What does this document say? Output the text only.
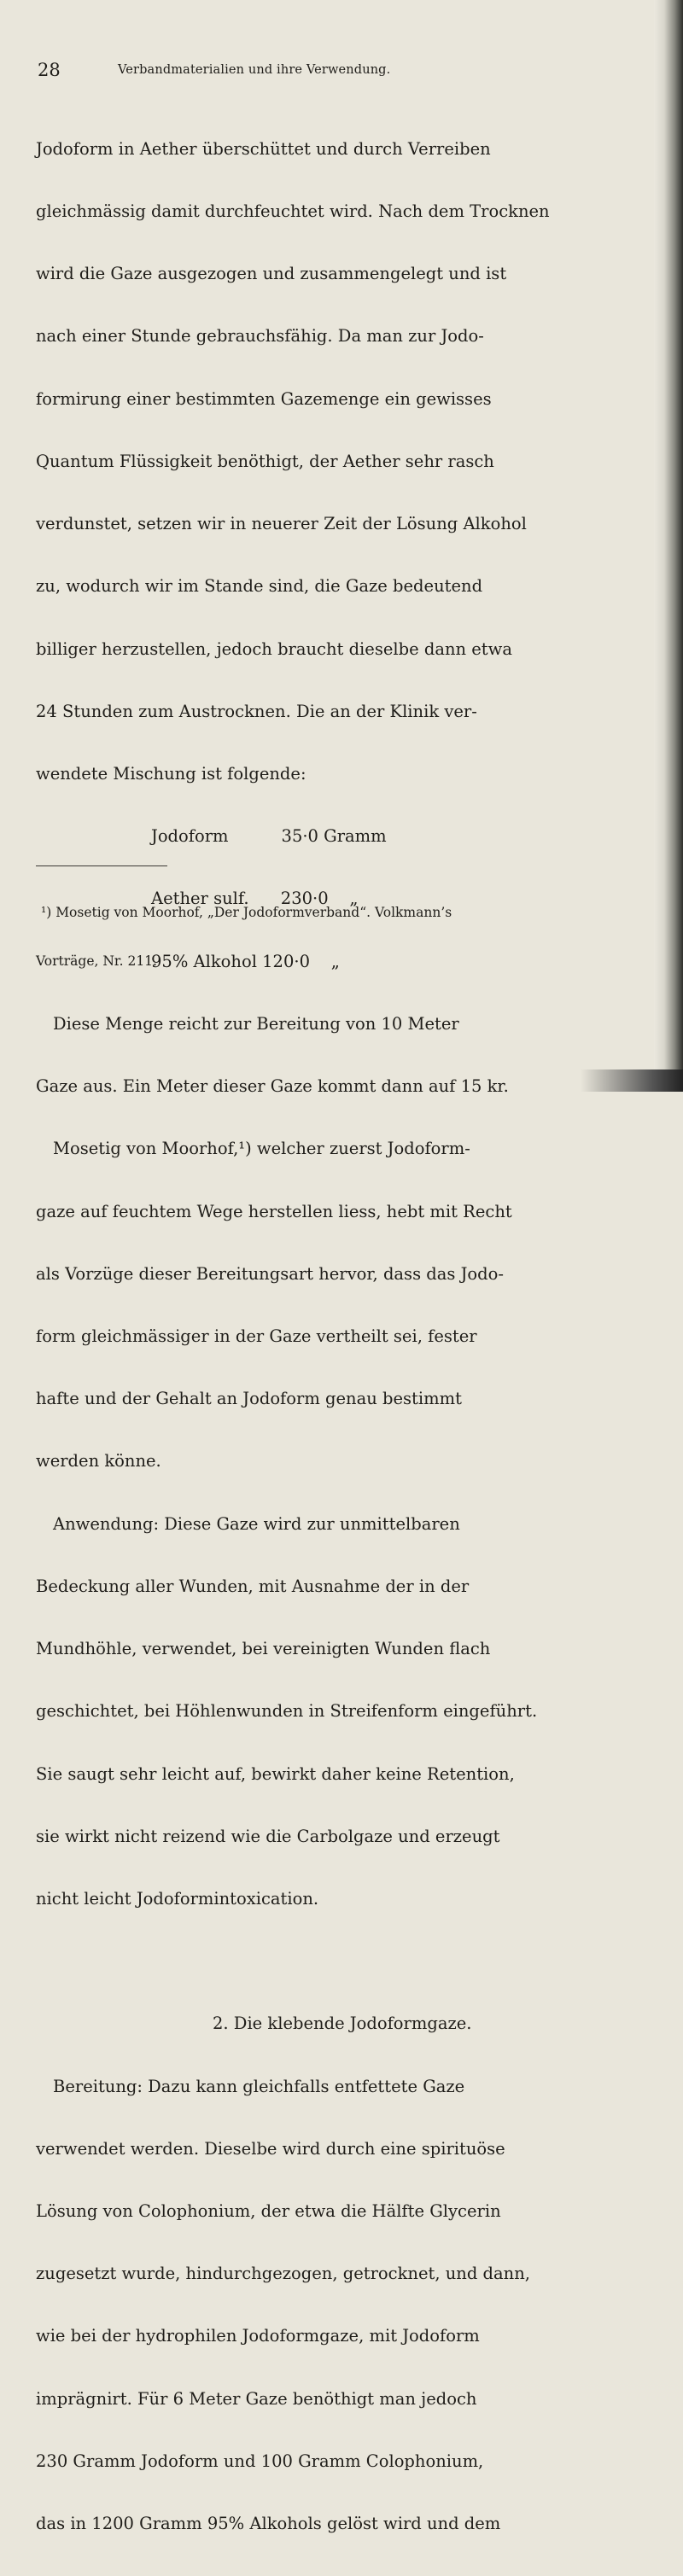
28	Verbandmaterialien und ihre Verwendung.

Jodoform in Aether überschüttet und durch Verreiben

gleichmässig damit durchfeuchtet wird. Nach dem Trocknen

wird die Gaze ausgezogen und zusammengelegt und ist

nach einer Stunde gebrauchsfähig. Da man zur Jodo-

formirung einer bestimmten Gazemenge ein gewisses

Quantum Flüssigkeit benöthigt, der Aether sehr rasch

verdunstet, setzen wir in neuerer Zeit der Lösung Alkohol

zu, wodurch wir im Stande sind, die Gaze bedeutend

billiger herzustellen, jedoch braucht dieselbe dann etwa

24 Stunden zum Austrocknen. Die an der Klinik ver-

wendete Mischung ist folgende:

Jodoform          35·0 Gramm

Aether sulf.      230·0    „

95% Alkohol 120·0    „

Diese Menge reicht zur Bereitung von 10 Meter

Gaze aus. Ein Meter dieser Gaze kommt dann auf 15 kr.

Mosetig von Moorhof,¹) welcher zuerst Jodoform-

gaze auf feuchtem Wege herstellen liess, hebt mit Recht

als Vorzüge dieser Bereitungsart hervor, dass das Jodo-

form gleichmässiger in der Gaze vertheilt sei, fester

hafte und der Gehalt an Jodoform genau bestimmt

werden könne.

Anwendung: Diese Gaze wird zur unmittelbaren

Bedeckung aller Wunden, mit Ausnahme der in der

Mundhöhle, verwendet, bei vereinigten Wunden flach

geschichtet, bei Höhlenwunden in Streifenform eingeführt.

Sie saugt sehr leicht auf, bewirkt daher keine Retention,

sie wirkt nicht reizend wie die Carbolgaze und erzeugt

nicht leicht Jodoformintoxication.

2. Die klebende Jodoformgaze.

Bereitung: Dazu kann gleichfalls entfettete Gaze

verwendet werden. Dieselbe wird durch eine spirituöse

Lösung von Colophonium, der etwa die Hälfte Glycerin

zugesetzt wurde, hindurchgezogen, getrocknet, und dann,

wie bei der hydrophilen Jodoformgaze, mit Jodoform

imprägnirt. Für 6 Meter Gaze benöthigt man jedoch

230 Gramm Jodoform und 100 Gramm Colophonium,

das in 1200 Gramm 95% Alkohols gelöst wird und dem

¹) Mosetig von Moorhof, „Der Jodoformverband“. Volkmann’s

Vorträge, Nr. 211.
